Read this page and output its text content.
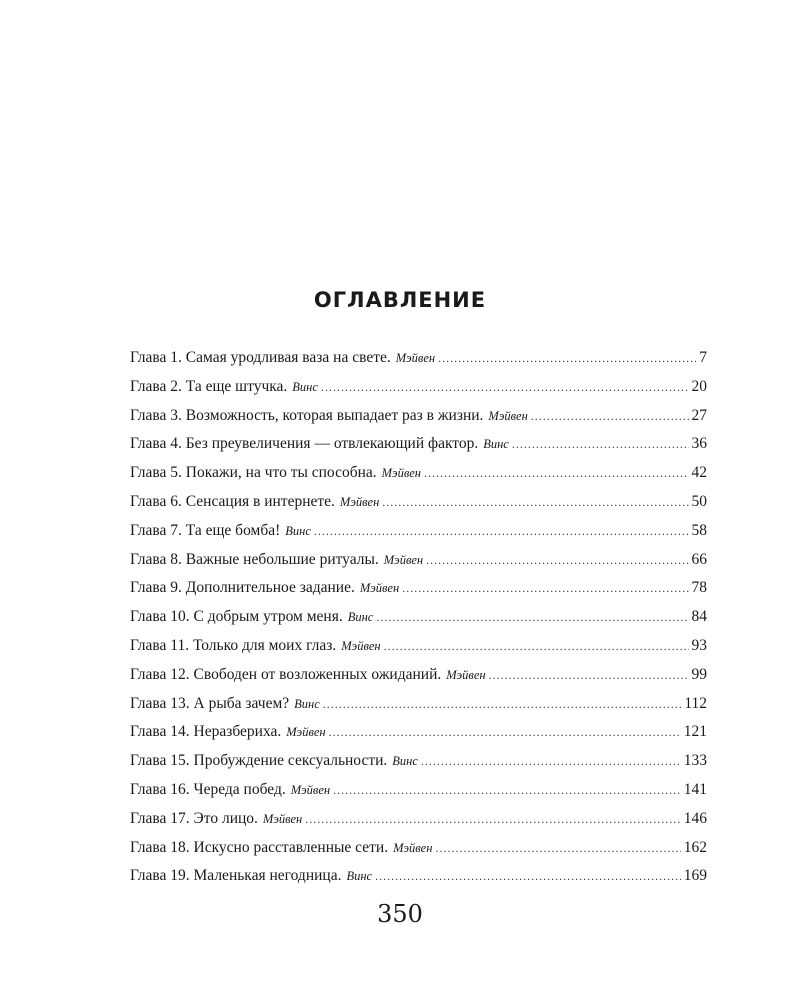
ОГЛАВЛЕНИЕ
Глава 1. Самая уродливая ваза на свете. Мэйвен .....	7
Глава 2. Та еще штучка. Винс .....	20
Глава 3. Возможность, которая выпадает раз в жизни. Мэйвен .....	27
Глава 4. Без преувеличения — отвлекающий фактор. Винс .....	36
Глава 5. Покажи, на что ты способна. Мэйвен .....	42
Глава 6. Сенсация в интернете. Мэйвен .....	50
Глава 7. Та еще бомба! Винс .....	58
Глава 8. Важные небольшие ритуалы. Мэйвен .....	66
Глава 9. Дополнительное задание. Мэйвен .....	78
Глава 10. С добрым утром меня. Винс .....	84
Глава 11. Только для моих глаз. Мэйвен .....	93
Глава 12. Свободен от возложенных ожиданий. Мэйвен .....	99
Глава 13. А рыба зачем? Винс .....	112
Глава 14. Неразбериха. Мэйвен .....	121
Глава 15. Пробуждение сексуальности. Винс .....	133
Глава 16. Череда побед. Мэйвен .....	141
Глава 17. Это лицо. Мэйвен .....	146
Глава 18. Искусно расставленные сети. Мэйвен .....	162
Глава 19. Маленькая негодница. Винс .....	169
350
